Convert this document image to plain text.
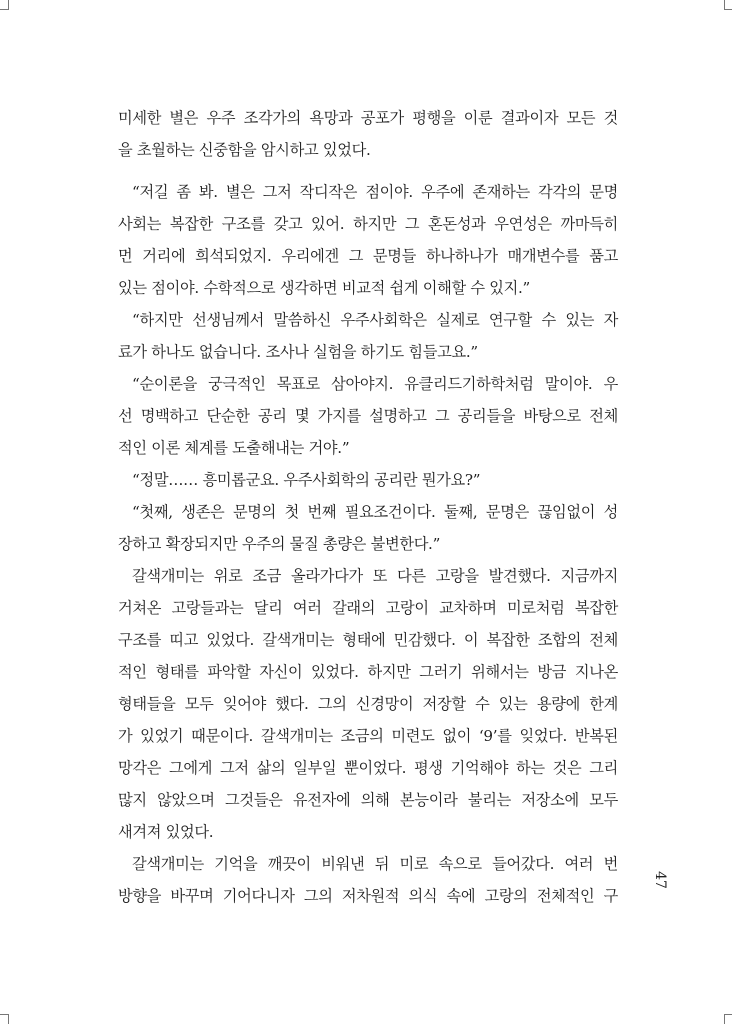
미세한 별은 우주 조각가의 욕망과 공포가 평행을 이룬 결과이자 모든 것
을 초월하는 신중함을 암시하고 있었다.
“저길 좀 봐. 별은 그저 작디작은 점이야. 우주에 존재하는 각각의 문명
사회는 복잡한 구조를 갖고 있어. 하지만 그 혼돈성과 우연성은 까마득히
먼 거리에 희석되었지. 우리에겐 그 문명들 하나하나가 매개변수를 품고
있는 점이야. 수학적으로 생각하면 비교적 쉽게 이해할 수 있지.”
“하지만 선생님께서 말씀하신 우주사회학은 실제로 연구할 수 있는 자
료가 하나도 없습니다. 조사나 실험을 하기도 힘들고요.”
“순이론을 궁극적인 목표로 삼아야지. 유클리드기하학처럼 말이야. 우
선 명백하고 단순한 공리 몇 가지를 설명하고 그 공리들을 바탕으로 전체
적인 이론 체계를 도출해내는 거야.”
“정말…… 흥미롭군요. 우주사회학의 공리란 뭔가요?”
“첫째, 생존은 문명의 첫 번째 필요조건이다. 둘째, 문명은 끊임없이 성
장하고 확장되지만 우주의 물질 총량은 불변한다.”
갈색개미는 위로 조금 올라가다가 또 다른 고랑을 발견했다. 지금까지
거쳐온 고랑들과는 달리 여러 갈래의 고랑이 교차하며 미로처럼 복잡한
구조를 띠고 있었다. 갈색개미는 형태에 민감했다. 이 복잡한 조합의 전체
적인 형태를 파악할 자신이 있었다. 하지만 그러기 위해서는 방금 지나온
형태들을 모두 잊어야 했다. 그의 신경망이 저장할 수 있는 용량에 한계
가 있었기 때문이다. 갈색개미는 조금의 미련도 없이 ‘9’를 잊었다. 반복된
망각은 그에게 그저 삶의 일부일 뿐이었다. 평생 기억해야 하는 것은 그리
많지 않았으며 그것들은 유전자에 의해 본능이라 불리는 저장소에 모두
새겨져 있었다.
갈색개미는 기억을 깨끗이 비워낸 뒤 미로 속으로 들어갔다. 여러 번
방향을 바꾸며 기어다니자 그의 저차원적 의식 속에 고랑의 전체적인 구
47
